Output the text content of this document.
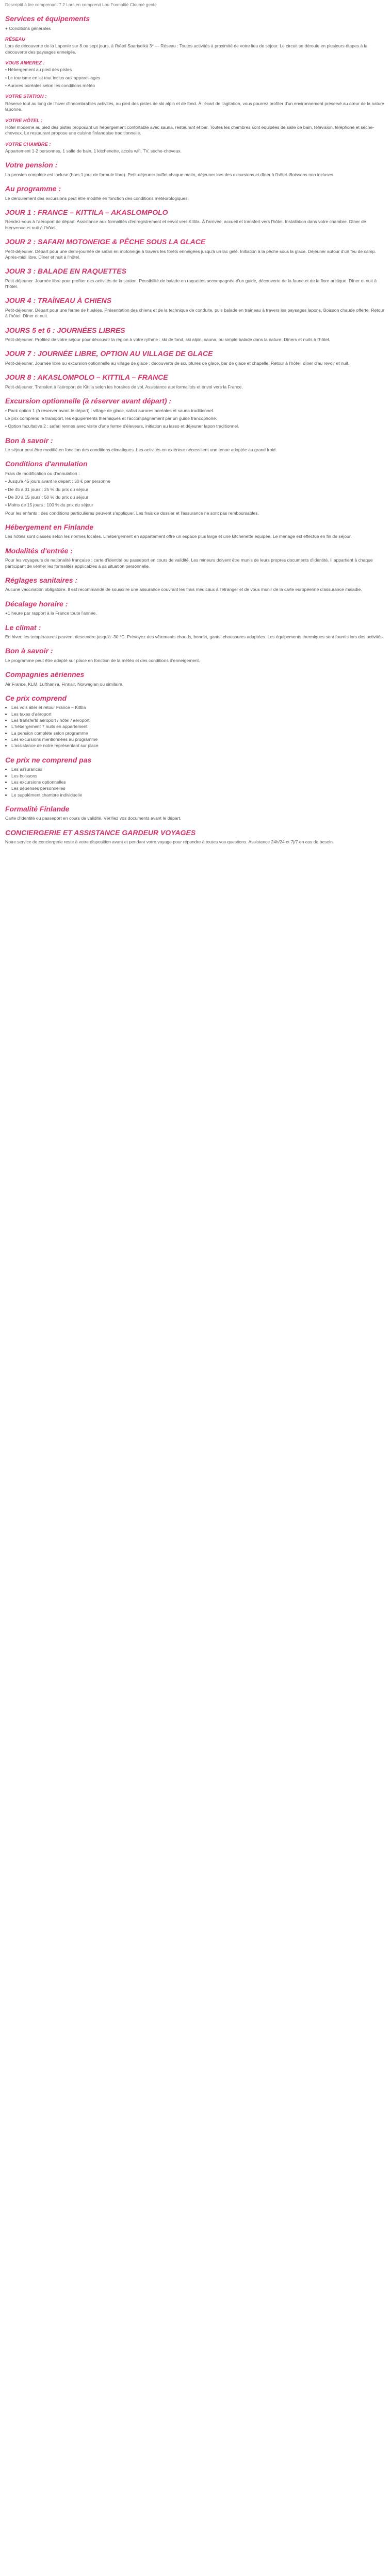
Descriptif à lire comprenant 7 2 Lors en comprend Lou Formalité Cloumé gente
Services et équipements

+ Conditions générales

RÉSEAU

Lors de découverte de la Laponie sur 8 ou sept jours, à l'hôtel Saariselkä 3* — Réseau : Toutes activités à proximité de votre lieu de séjour. Le circuit se déroule en plusieurs étapes à la découverte des paysages enneigés.

VOUS AIMEREZ :

• Hébergement au pied des pistes

• Le tourisme en kit tout inclus aux appareillages

• Aurores boréales selon les conditions météo

VOTRE STATION :

Réserve tout au long de l'hiver d'innombrables activités, au pied des pistes de ski alpin et de fond. À l'écart de l'agitation, vous pourrez profiter d'un environnement préservé au cœur de la nature laponne.

VOTRE HÔTEL :

Hôtel moderne au pied des pistes proposant un hébergement confortable avec sauna, restaurant et bar. Toutes les chambres sont équipées de salle de bain, télévision, téléphone et sèche-cheveux. Le restaurant propose une cuisine finlandaise traditionnelle.

VOTRE CHAMBRE :

Appartement 1-2 personnes, 1 salle de bain, 1 kitchenette, accès wifi, TV, sèche-cheveux.

Votre pension :

La pension complète est incluse (hors 1 jour de formule libre). Petit-déjeuner buffet chaque matin, déjeuner lors des excursions et dîner à l'hôtel. Boissons non incluses.

Au programme :

Le déroulement des excursions peut être modifié en fonction des conditions météorologiques.

JOUR 1 : FRANCE – KITTILA – AKASLOMPOLO

Rendez-vous à l'aéroport de départ. Assistance aux formalités d'enregistrement et envol vers Kittila. À l'arrivée, accueil et transfert vers l'hôtel. Installation dans votre chambre. Dîner de bienvenue et nuit à l'hôtel.

JOUR 2 : SAFARI MOTONEIGE & PÊCHE SOUS LA GLACE

Petit-déjeuner. Départ pour une demi-journée de safari en motoneige à travers les forêts enneigées jusqu'à un lac gelé. Initiation à la pêche sous la glace. Déjeuner autour d'un feu de camp. Après-midi libre. Dîner et nuit à l'hôtel.

JOUR 3 : BALADE EN RAQUETTES

Petit-déjeuner. Journée libre pour profiter des activités de la station. Possibilité de balade en raquettes accompagnée d'un guide, découverte de la faune et de la flore arctique. Dîner et nuit à l'hôtel.

JOUR 4 : TRAÎNEAU À CHIENS

Petit-déjeuner. Départ pour une ferme de huskies. Présentation des chiens et de la technique de conduite, puis balade en traîneau à travers les paysages lapons. Boisson chaude offerte. Retour à l'hôtel. Dîner et nuit.

JOURS 5 et 6 : JOURNÉES LIBRES

Petit-déjeuner. Profitez de votre séjour pour découvrir la région à votre rythme : ski de fond, ski alpin, sauna, ou simple balade dans la nature. Dîners et nuits à l'hôtel.

JOUR 7 : JOURNÉE LIBRE, OPTION AU VILLAGE DE GLACE

Petit-déjeuner. Journée libre ou excursion optionnelle au village de glace : découverte de sculptures de glace, bar de glace et chapelle. Retour à l'hôtel, dîner d'au revoir et nuit.

JOUR 8 : AKASLOMPOLO – KITTILA – FRANCE

Petit-déjeuner. Transfert à l'aéroport de Kittila selon les horaires de vol. Assistance aux formalités et envol vers la France.

Excursion optionnelle (à réserver avant départ) :

• Pack option 1 (à réserver avant le départ) : village de glace, safari aurores boréales et sauna traditionnel.

Le prix comprend le transport, les équipements thermiques et l'accompagnement par un guide francophone.

• Option facultative 2 : safari rennes avec visite d'une ferme d'éleveurs, initiation au lasso et déjeuner lapon traditionnel.

Bon à savoir :

Le séjour peut être modifié en fonction des conditions climatiques. Les activités en extérieur nécessitent une tenue adaptée au grand froid.

Conditions d'annulation

Frais de modification ou d'annulation :

• Jusqu'à 45 jours avant le départ : 30 € par personne

• De 45 à 31 jours : 25 % du prix du séjour

• De 30 à 15 jours : 50 % du prix du séjour

• Moins de 15 jours : 100 % du prix du séjour

Pour les enfants : des conditions particulières peuvent s'appliquer. Les frais de dossier et l'assurance ne sont pas remboursables.

Hébergement en Finlande

Les hôtels sont classés selon les normes locales. L'hébergement en appartement offre un espace plus large et une kitchenette équipée. Le ménage est effectué en fin de séjour.

Modalités d'entrée :

Pour les voyageurs de nationalité française : carte d'identité ou passeport en cours de validité. Les mineurs doivent être munis de leurs propres documents d'identité. Il appartient à chaque participant de vérifier les formalités applicables à sa situation personnelle.

Réglages sanitaires :

Aucune vaccination obligatoire. Il est recommandé de souscrire une assurance couvrant les frais médicaux à l'étranger et de vous munir de la carte européenne d'assurance maladie.

Décalage horaire :

+1 heure par rapport à la France toute l'année.

Le climat :

En hiver, les températures peuvent descendre jusqu'à -30 °C. Prévoyez des vêtements chauds, bonnet, gants, chaussures adaptées. Les équipements thermiques sont fournis lors des activités.

Bon à savoir :

Le programme peut être adapté sur place en fonction de la météo et des conditions d'enneigement.

Compagnies aériennes

Air France, KLM, Lufthansa, Finnair, Norwegian ou similaire.

Ce prix comprend
• Les vols aller et retour France – Kittila
• Les taxes d'aéroport
• Les transferts aéroport / hôtel / aéroport
• L'hébergement 7 nuits en appartement
• La pension complète selon programme
• Les excursions mentionnées au programme
• L'assistance de notre représentant sur place
Ce prix ne comprend pas
• Les assurances
• Les boissons
• Les excursions optionnelles
• Les dépenses personnelles
• Le supplément chambre individuelle
Formalité Finlande

Carte d'identité ou passeport en cours de validité. Vérifiez vos documents avant le départ.

CONCIERGERIE ET ASSISTANCE GARDEUR VOYAGES

Notre service de conciergerie reste à votre disposition avant et pendant votre voyage pour répondre à toutes vos questions. Assistance 24h/24 et 7j/7 en cas de besoin.
